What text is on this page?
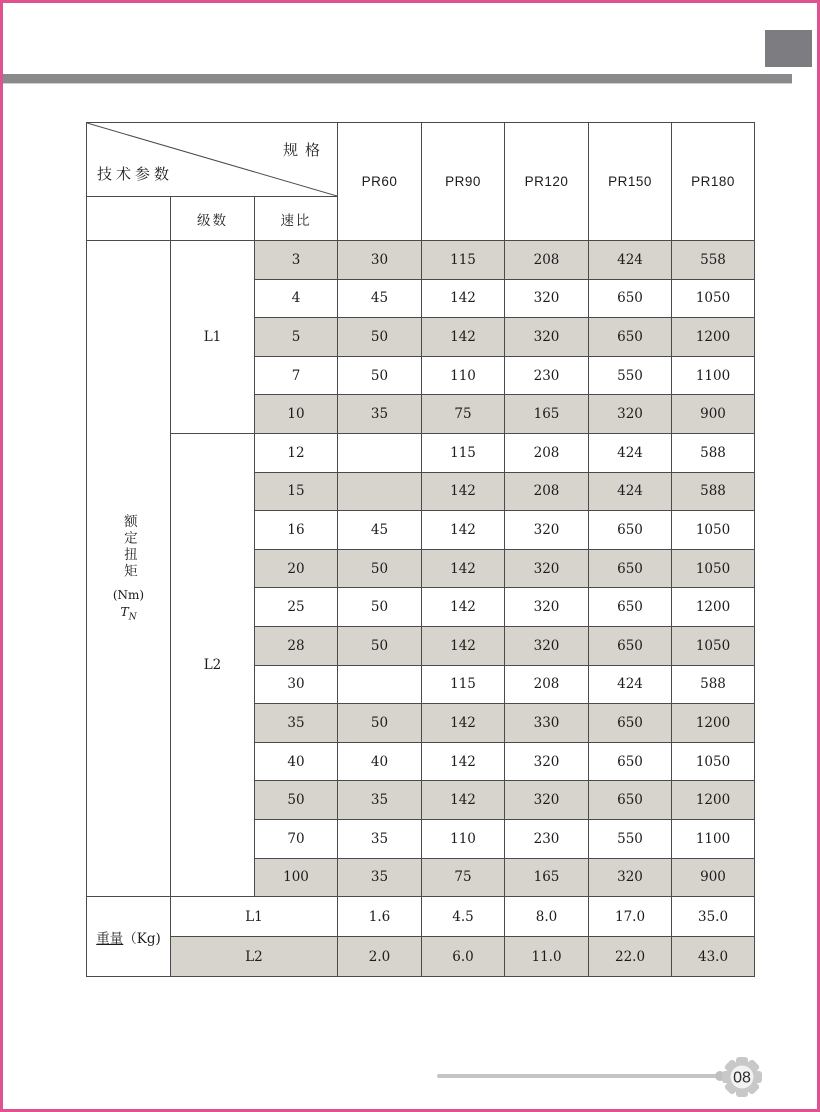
技术参数
规格			PR60	PR90	PR120	PR150	PR180
	级数	速比					
额定扭矩
(Nm)
$T_N$	L1	3	30	115	208	424	558
		4	45	142	320	650	1050
		5	50	142	320	650	1200
		7	50	110	230	550	1100
		10	35	75	165	320	900
	L2	12		115	208	424	588
		15		142	208	424	588
		16	45	142	320	650	1050
		20	50	142	320	650	1050
		25	50	142	320	650	1200
		28	50	142	320	650	1050
		30		115	208	424	588
		35	50	142	330	650	1200
		40	40	142	320	650	1050
		50	35	142	320	650	1200
		70	35	110	230	550	1100
		100	35	75	165	320	900
重量（Kg)	L1		1.6	4.5	8.0	17.0	35.0
	L2		2.0	6.0	11.0	22.0	43.0
08
